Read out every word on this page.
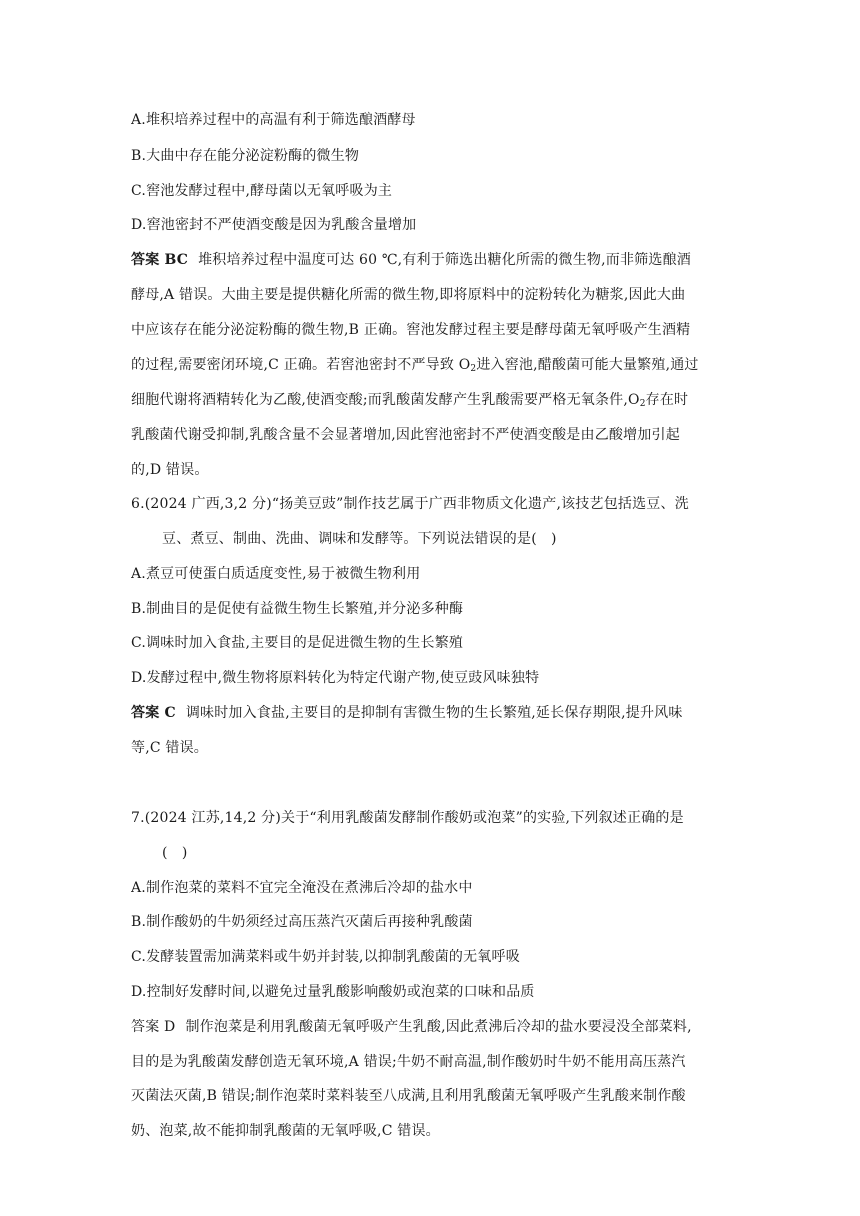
A.堆积培养过程中的高温有利于筛选酿酒酵母
B.大曲中存在能分泌淀粉酶的微生物
C.窖池发酵过程中,酵母菌以无氧呼吸为主
D.窖池密封不严使酒变酸是因为乳酸含量增加
答案 BC 堆积培养过程中温度可达 60 ℃,有利于筛选出糖化所需的微生物,而非筛选酿酒
酵母,A 错误。大曲主要是提供糖化所需的微生物,即将原料中的淀粉转化为糖浆,因此大曲
中应该存在能分泌淀粉酶的微生物,B 正确。窖池发酵过程主要是酵母菌无氧呼吸产生酒精
的过程,需要密闭环境,C 正确。若窖池密封不严导致 $O_2$进入窖池,醋酸菌可能大量繁殖,通过
细胞代谢将酒精转化为乙酸,使酒变酸;而乳酸菌发酵产生乳酸需要严格无氧条件$,O_2$存在时
乳酸菌代谢受抑制,乳酸含量不会显著增加,因此窖池密封不严使酒变酸是由乙酸增加引起
的,D 错误。
6.(2024 广西,3,2 分)“扬美豆豉”制作技艺属于广西非物质文化遗产,该技艺包括选豆、洗
豆、煮豆、制曲、洗曲、调味和发酵等。下列说法错误的是(　)
A.煮豆可使蛋白质适度变性,易于被微生物利用
B.制曲目的是促使有益微生物生长繁殖,并分泌多种酶
C.调味时加入食盐,主要目的是促进微生物的生长繁殖
D.发酵过程中,微生物将原料转化为特定代谢产物,使豆豉风味独特
答案 C 调味时加入食盐,主要目的是抑制有害微生物的生长繁殖,延长保存期限,提升风味
等,C 错误。
7.(2024 江苏,14,2 分)关于“利用乳酸菌发酵制作酸奶或泡菜”的实验,下列叙述正确的是
(　)
A.制作泡菜的菜料不宜完全淹没在煮沸后冷却的盐水中
B.制作酸奶的牛奶须经过高压蒸汽灭菌后再接种乳酸菌
C.发酵装置需加满菜料或牛奶并封装,以抑制乳酸菌的无氧呼吸
D.控制好发酵时间,以避免过量乳酸影响酸奶或泡菜的口味和品质
答案 D 制作泡菜是利用乳酸菌无氧呼吸产生乳酸,因此煮沸后冷却的盐水要浸没全部菜料,
目的是为乳酸菌发酵创造无氧环境,A 错误;牛奶不耐高温,制作酸奶时牛奶不能用高压蒸汽
灭菌法灭菌,B 错误;制作泡菜时菜料装至八成满,且利用乳酸菌无氧呼吸产生乳酸来制作酸
奶、泡菜,故不能抑制乳酸菌的无氧呼吸,C 错误。
